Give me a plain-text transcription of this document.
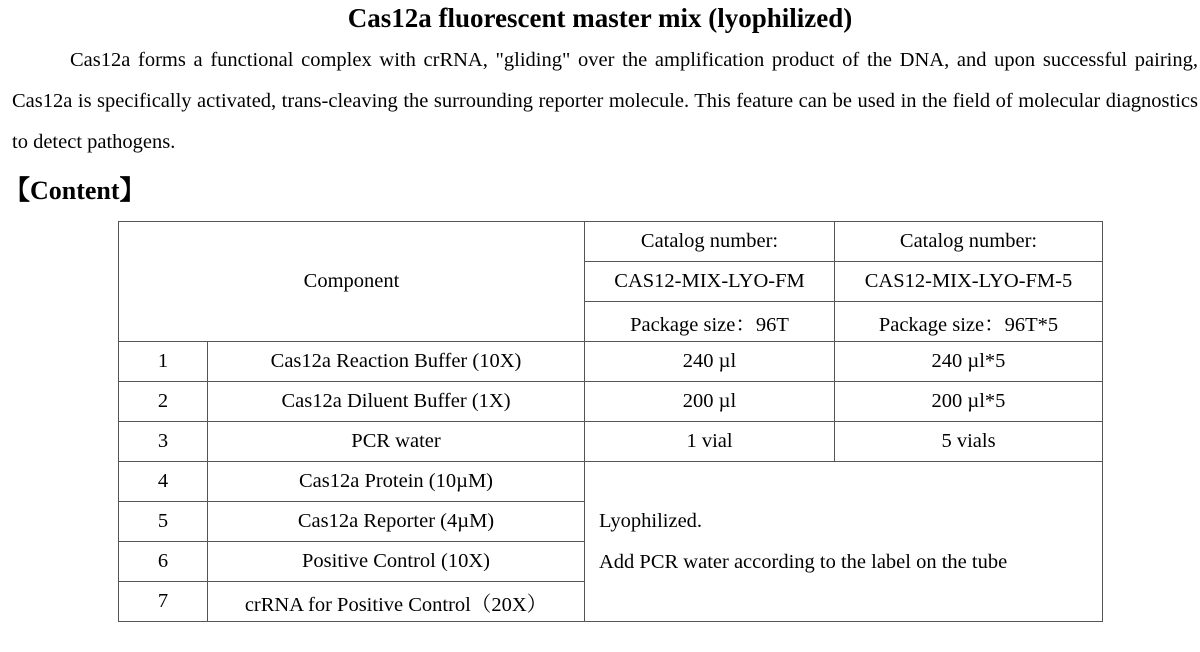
Cas12a fluorescent master mix (lyophilized)

Cas12a forms a functional complex with crRNA, "gliding" over the amplification product of the DNA, and upon successful pairing, Cas12a is specifically activated, trans-cleaving the surrounding reporter molecule. This feature can be used in the field of molecular diagnostics to detect pathogens.

【Content】
Component		Catalog number:	Catalog number:
		CAS12-MIX-LYO-FM	CAS12-MIX-LYO-FM-5
		Package size：96T	Package size：96T*5
1	Cas12a Reaction Buffer (10X)	240 µl	240 µl*5
2	Cas12a Diluent Buffer (1X)	200 µl	200 µl*5
3	PCR water	1 vial	5 vials
4	Cas12a Protein (10µM)	Lyophilized.
Add PCR water according to the label on the tube	

5	Cas12a Reporter (4µM)		
6	Positive Control (10X)		
7	crRNA for Positive Control（20X）		
